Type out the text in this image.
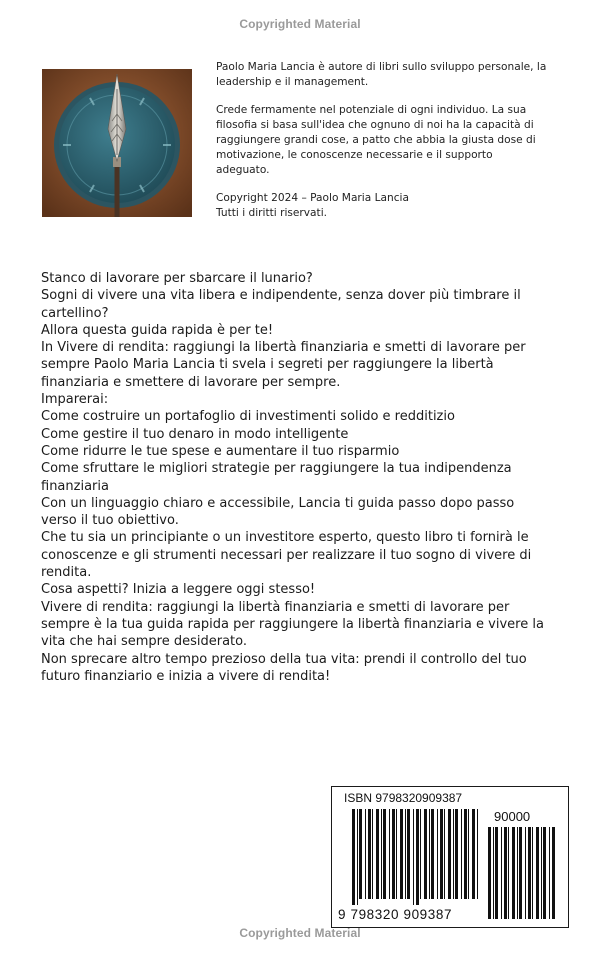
Copyrighted Material

Paolo Maria Lancia è autore di libri sullo sviluppo personale, la
leadership e il management.

Crede fermamente nel potenziale di ogni individuo. La sua
filosofia si basa sull'idea che ognuno di noi ha la capacità di
raggiungere grandi cose, a patto che abbia la giusta dose di
motivazione, le conoscenze necessarie e il supporto
adeguato.

Copyright 2024 – Paolo Maria Lancia
Tutti i diritti riservati.

Stanco di lavorare per sbarcare il lunario?
Sogni di vivere una vita libera e indipendente, senza dover più timbrare il
cartellino?
Allora questa guida rapida è per te!
In Vivere di rendita: raggiungi la libertà finanziaria e smetti di lavorare per
sempre Paolo Maria Lancia ti svela i segreti per raggiungere la libertà
finanziaria e smettere di lavorare per sempre.
Imparerai:
Come costruire un portafoglio di investimenti solido e redditizio
Come gestire il tuo denaro in modo intelligente
Come ridurre le tue spese e aumentare il tuo risparmio
Come sfruttare le migliori strategie per raggiungere la tua indipendenza
finanziaria
Con un linguaggio chiaro e accessibile, Lancia ti guida passo dopo passo
verso il tuo obiettivo.
Che tu sia un principiante o un investitore esperto, questo libro ti fornirà le
conoscenze e gli strumenti necessari per realizzare il tuo sogno di vivere di
rendita.
Cosa aspetti? Inizia a leggere oggi stesso!
Vivere di rendita: raggiungi la libertà finanziaria e smetti di lavorare per
sempre è la tua guida rapida per raggiungere la libertà finanziaria e vivere la
vita che hai sempre desiderato.
Non sprecare altro tempo prezioso della tua vita: prendi il controllo del tuo
futuro finanziario e inizia a vivere di rendita!
ISBN 9798320909387
90000
9 798320 909387
Copyrighted Material
